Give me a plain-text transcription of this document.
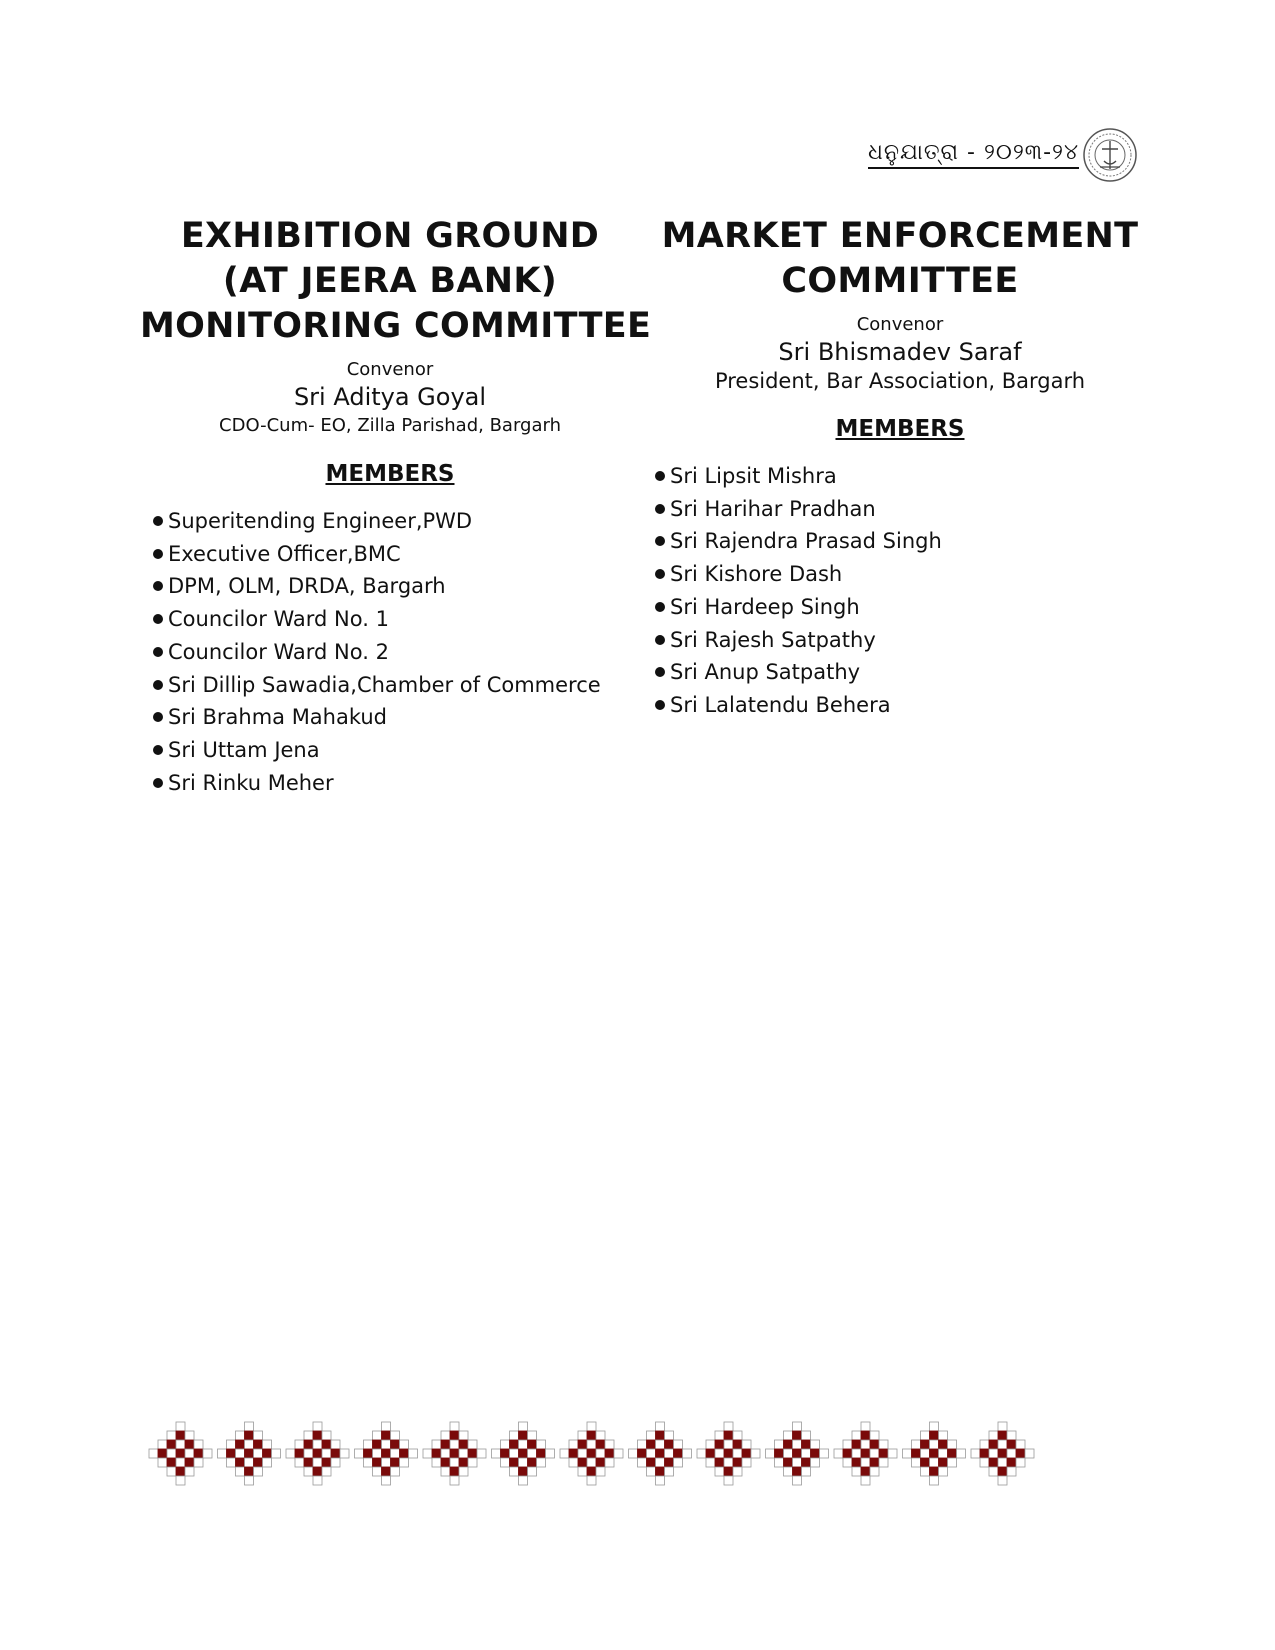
ଧନୁଯାତ୍ରା - ୨୦୨୩-୨୪
EXHIBITION GROUND
(AT JEERA BANK)
MONITORING COMMITTEE
Convenor
Sri Aditya Goyal
CDO-Cum- EO, Zilla Parishad, Bargarh
MEMBERS
Superitending Engineer,PWD
Executive Officer,BMC
DPM, OLM, DRDA, Bargarh
Councilor Ward No. 1
Councilor Ward No. 2
Sri Dillip Sawadia,Chamber of Commerce
Sri Brahma Mahakud
Sri Uttam Jena
Sri Rinku Meher
MARKET ENFORCEMENT
COMMITTEE
Convenor
Sri Bhismadev Saraf
President, Bar Association, Bargarh
MEMBERS
Sri Lipsit Mishra
Sri Harihar Pradhan
Sri Rajendra Prasad Singh
Sri Kishore Dash
Sri Hardeep Singh
Sri Rajesh Satpathy
Sri Anup Satpathy
Sri Lalatendu Behera
